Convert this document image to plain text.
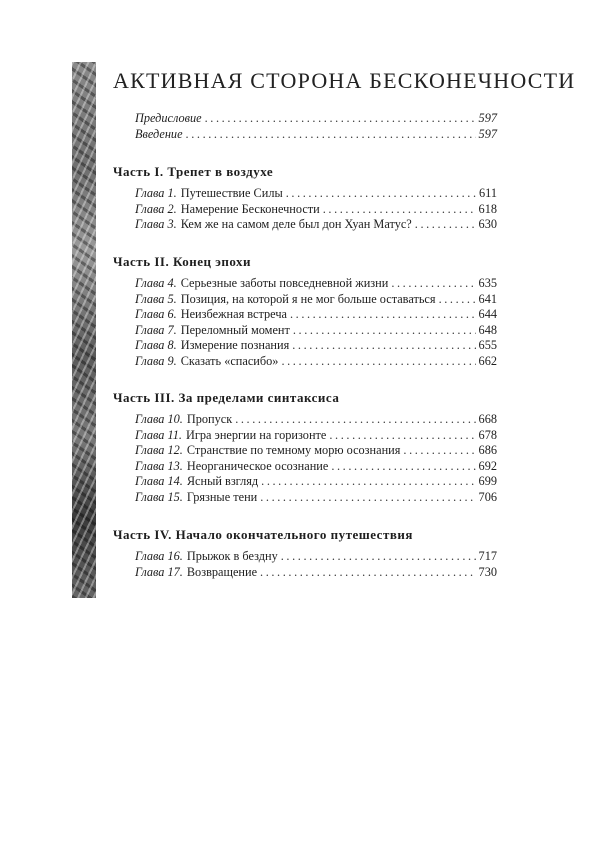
АКТИВНАЯ СТОРОНА БЕСКОНЕЧНОСТИ
Предисловие .....	597
Введение .....	597
Часть I. Трепет в воздухе
Глава 1. Путешествие Силы .....	611
Глава 2. Намерение Бесконечности .....	618
Глава 3. Кем же на самом деле был дон Хуан Матус? .....	630
Часть II. Конец эпохи
Глава 4. Серьезные заботы повседневной жизни .....	635
Глава 5. Позиция, на которой я не мог больше оставаться .....	641
Глава 6. Неизбежная встреча .....	644
Глава 7. Переломный момент .....	648
Глава 8. Измерение познания .....	655
Глава 9. Сказать «спасибо» .....	662
Часть III. За пределами синтаксиса
Глава 10. Пропуск .....	668
Глава 11. Игра энергии на горизонте .....	678
Глава 12. Странствие по темному морю осознания .....	686
Глава 13. Неорганическое осознание .....	692
Глава 14. Ясный взгляд .....	699
Глава 15. Грязные тени .....	706
Часть IV. Начало окончательного путешествия
Глава 16. Прыжок в бездну .....	717
Глава 17. Возвращение .....	730
